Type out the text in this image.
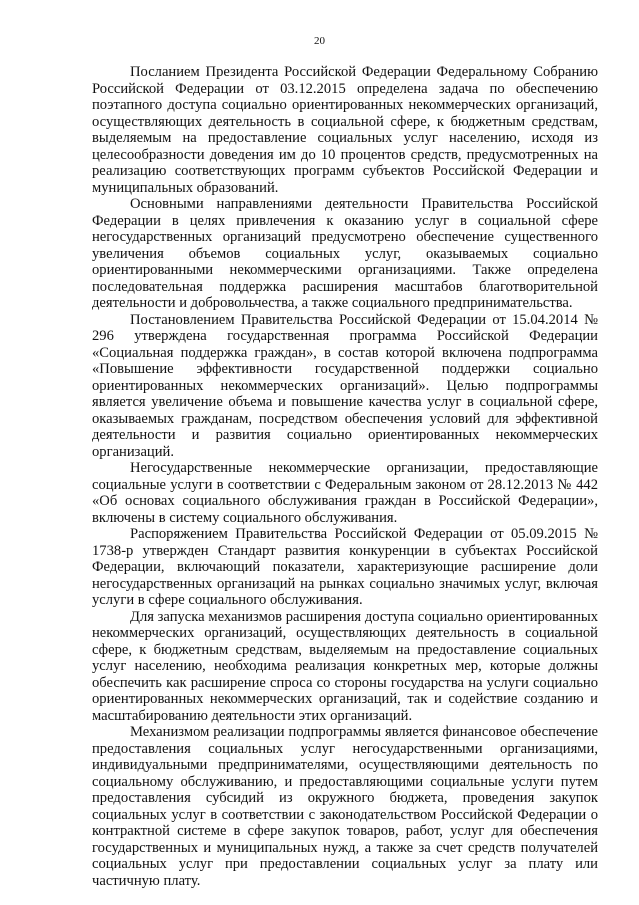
20

Посланием Президента Российской Федерации Федеральному Собранию Российской Федерации от 03.12.2015 определена задача по обеспечению поэтапного доступа социально ориентированных некоммерческих организаций, осуществляющих деятельность в социальной сфере, к бюджетным средствам, выделяемым на предоставление социальных услуг населению, исходя из целесообразности доведения им до 10 процентов средств, предусмотренных на реализацию соответствующих программ субъектов Российской Федерации и муниципальных образований.

Основными направлениями деятельности Правительства Российской Федерации в целях привлечения к оказанию услуг в социальной сфере негосударственных организаций предусмотрено обеспечение существенного увеличения объемов социальных услуг, оказываемых социально ориентированными некоммерческими организациями. Также определена последовательная поддержка расширения масштабов благотворительной деятельности и добровольчества, а также социального предпринимательства.

Постановлением Правительства Российской Федерации от 15.04.2014 № 296 утверждена государственная программа Российской Федерации «Социальная поддержка граждан», в состав которой включена подпрограмма «Повышение эффективности государственной поддержки социально ориентированных некоммерческих организаций». Целью подпрограммы является увеличение объема и повышение качества услуг в социальной сфере, оказываемых гражданам, посредством обеспечения условий для эффективной деятельности и развития социально ориентированных некоммерческих организаций.

Негосударственные некоммерческие организации, предоставляющие социальные услуги в соответствии с Федеральным законом от 28.12.2013 № 442 «Об основах социального обслуживания граждан в Российской Федерации», включены в систему социального обслуживания.

Распоряжением Правительства Российской Федерации от 05.09.2015 № 1738-р утвержден Стандарт развития конкуренции в субъектах Российской Федерации, включающий показатели, характеризующие расширение доли негосударственных организаций на рынках социально значимых услуг, включая услуги в сфере социального обслуживания.

Для запуска механизмов расширения доступа социально ориентированных некоммерческих организаций, осуществляющих деятельность в социальной сфере, к бюджетным средствам, выделяемым на предоставление социальных услуг населению, необходима реализация конкретных мер, которые должны обеспечить как расширение спроса со стороны государства на услуги социально ориентированных некоммерческих организаций, так и содействие созданию и масштабированию деятельности этих организаций.

Механизмом реализации подпрограммы является финансовое обеспечение предоставления социальных услуг негосударственными организациями, индивидуальными предпринимателями, осуществляющими деятельность по социальному обслуживанию, и предоставляющими социальные услуги путем предоставления субсидий из окружного бюджета, проведения закупок социальных услуг в соответствии с законодательством Российской Федерации о контрактной системе в сфере закупок товаров, работ, услуг для обеспечения государственных и муниципальных нужд, а также за счет средств получателей социальных услуг при предоставлении социальных услуг за плату или частичную плату.
